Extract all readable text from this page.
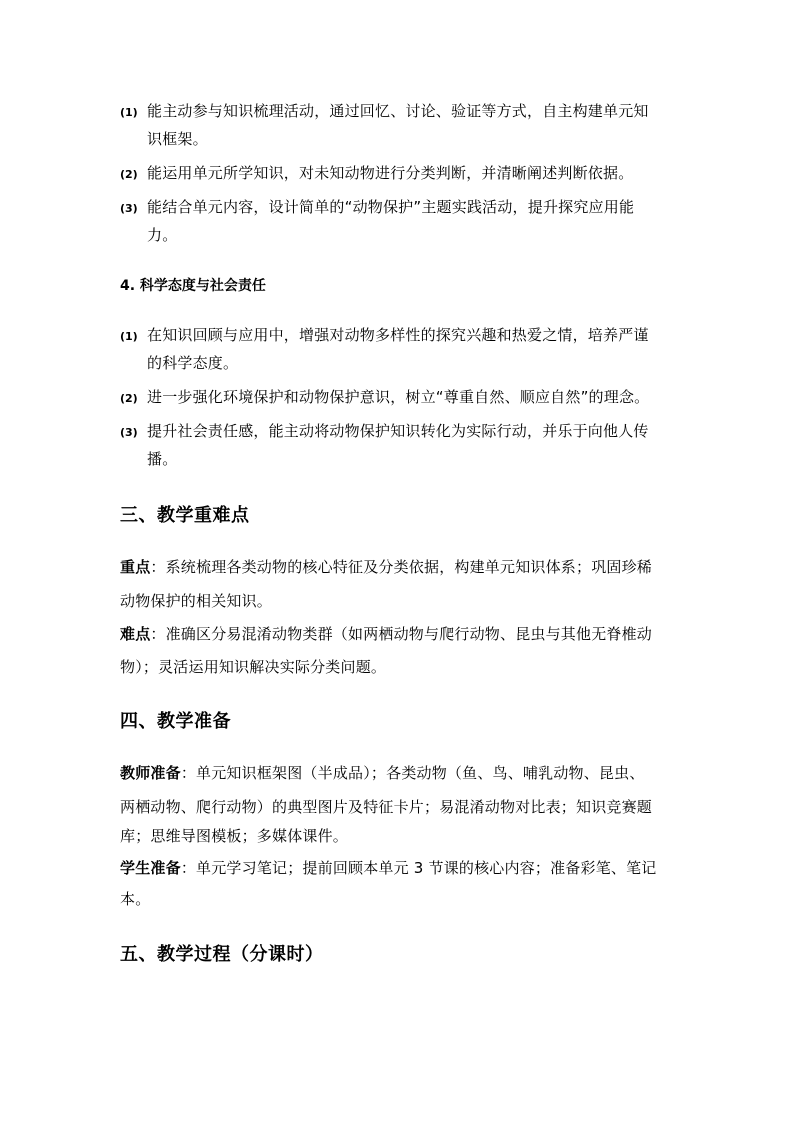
(1) 能主动参与知识梳理活动，通过回忆、讨论、验证等方式，自主构建单元知
识框架。
(2) 能运用单元所学知识，对未知动物进行分类判断，并清晰阐述判断依据。
(3) 能结合单元内容，设计简单的“动物保护”主题实践活动，提升探究应用能
力。
4. 科学态度与社会责任
(1) 在知识回顾与应用中，增强对动物多样性的探究兴趣和热爱之情，培养严谨
的科学态度。
(2) 进一步强化环境保护和动物保护意识，树立“尊重自然、顺应自然”的理念。
(3) 提升社会责任感，能主动将动物保护知识转化为实际行动，并乐于向他人传
播。
三、教学重难点
重点：系统梳理各类动物的核心特征及分类依据，构建单元知识体系；巩固珍稀
动物保护的相关知识。
难点：准确区分易混淆动物类群（如两栖动物与爬行动物、昆虫与其他无脊椎动
物）；灵活运用知识解决实际分类问题。
四、教学准备
教师准备：单元知识框架图（半成品）；各类动物（鱼、鸟、哺乳动物、昆虫、
两栖动物、爬行动物）的典型图片及特征卡片；易混淆动物对比表；知识竞赛题
库；思维导图模板；多媒体课件。
学生准备：单元学习笔记；提前回顾本单元 3 节课的核心内容；准备彩笔、笔记
本。
五、教学过程（分课时）
